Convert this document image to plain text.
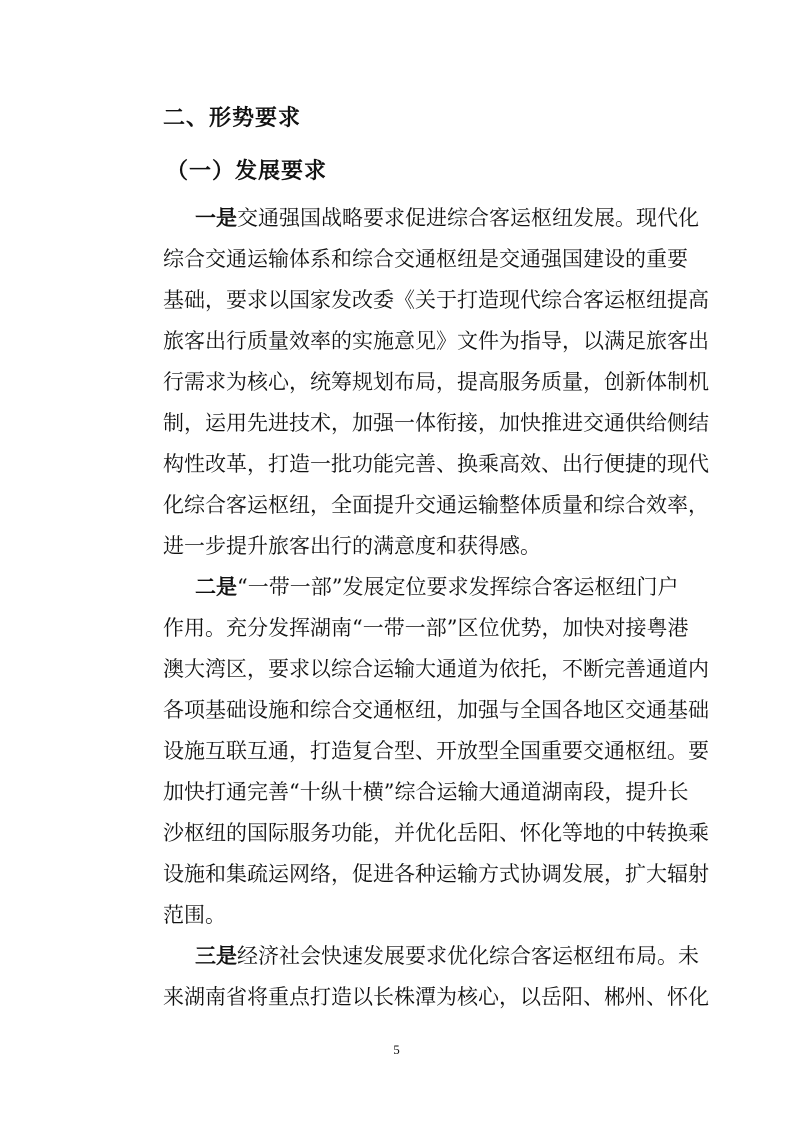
二、形势要求
（一）发展要求
一是交通强国战略要求促进综合客运枢纽发展。现代化
综合交通运输体系和综合交通枢纽是交通强国建设的重要
基础，要求以国家发改委《关于打造现代综合客运枢纽提高
旅客出行质量效率的实施意见》文件为指导，以满足旅客出
行需求为核心，统筹规划布局，提高服务质量，创新体制机
制，运用先进技术，加强一体衔接，加快推进交通供给侧结
构性改革，打造一批功能完善、换乘高效、出行便捷的现代
化综合客运枢纽，全面提升交通运输整体质量和综合效率，
进一步提升旅客出行的满意度和获得感。
二是“一带一部”发展定位要求发挥综合客运枢纽门户
作用。充分发挥湖南“一带一部”区位优势，加快对接粤港
澳大湾区，要求以综合运输大通道为依托，不断完善通道内
各项基础设施和综合交通枢纽，加强与全国各地区交通基础
设施互联互通，打造复合型、开放型全国重要交通枢纽。要
加快打通完善“十纵十横”综合运输大通道湖南段，提升长
沙枢纽的国际服务功能，并优化岳阳、怀化等地的中转换乘
设施和集疏运网络，促进各种运输方式协调发展，扩大辐射
范围。
三是经济社会快速发展要求优化综合客运枢纽布局。未
来湖南省将重点打造以长株潭为核心，以岳阳、郴州、怀化
5
